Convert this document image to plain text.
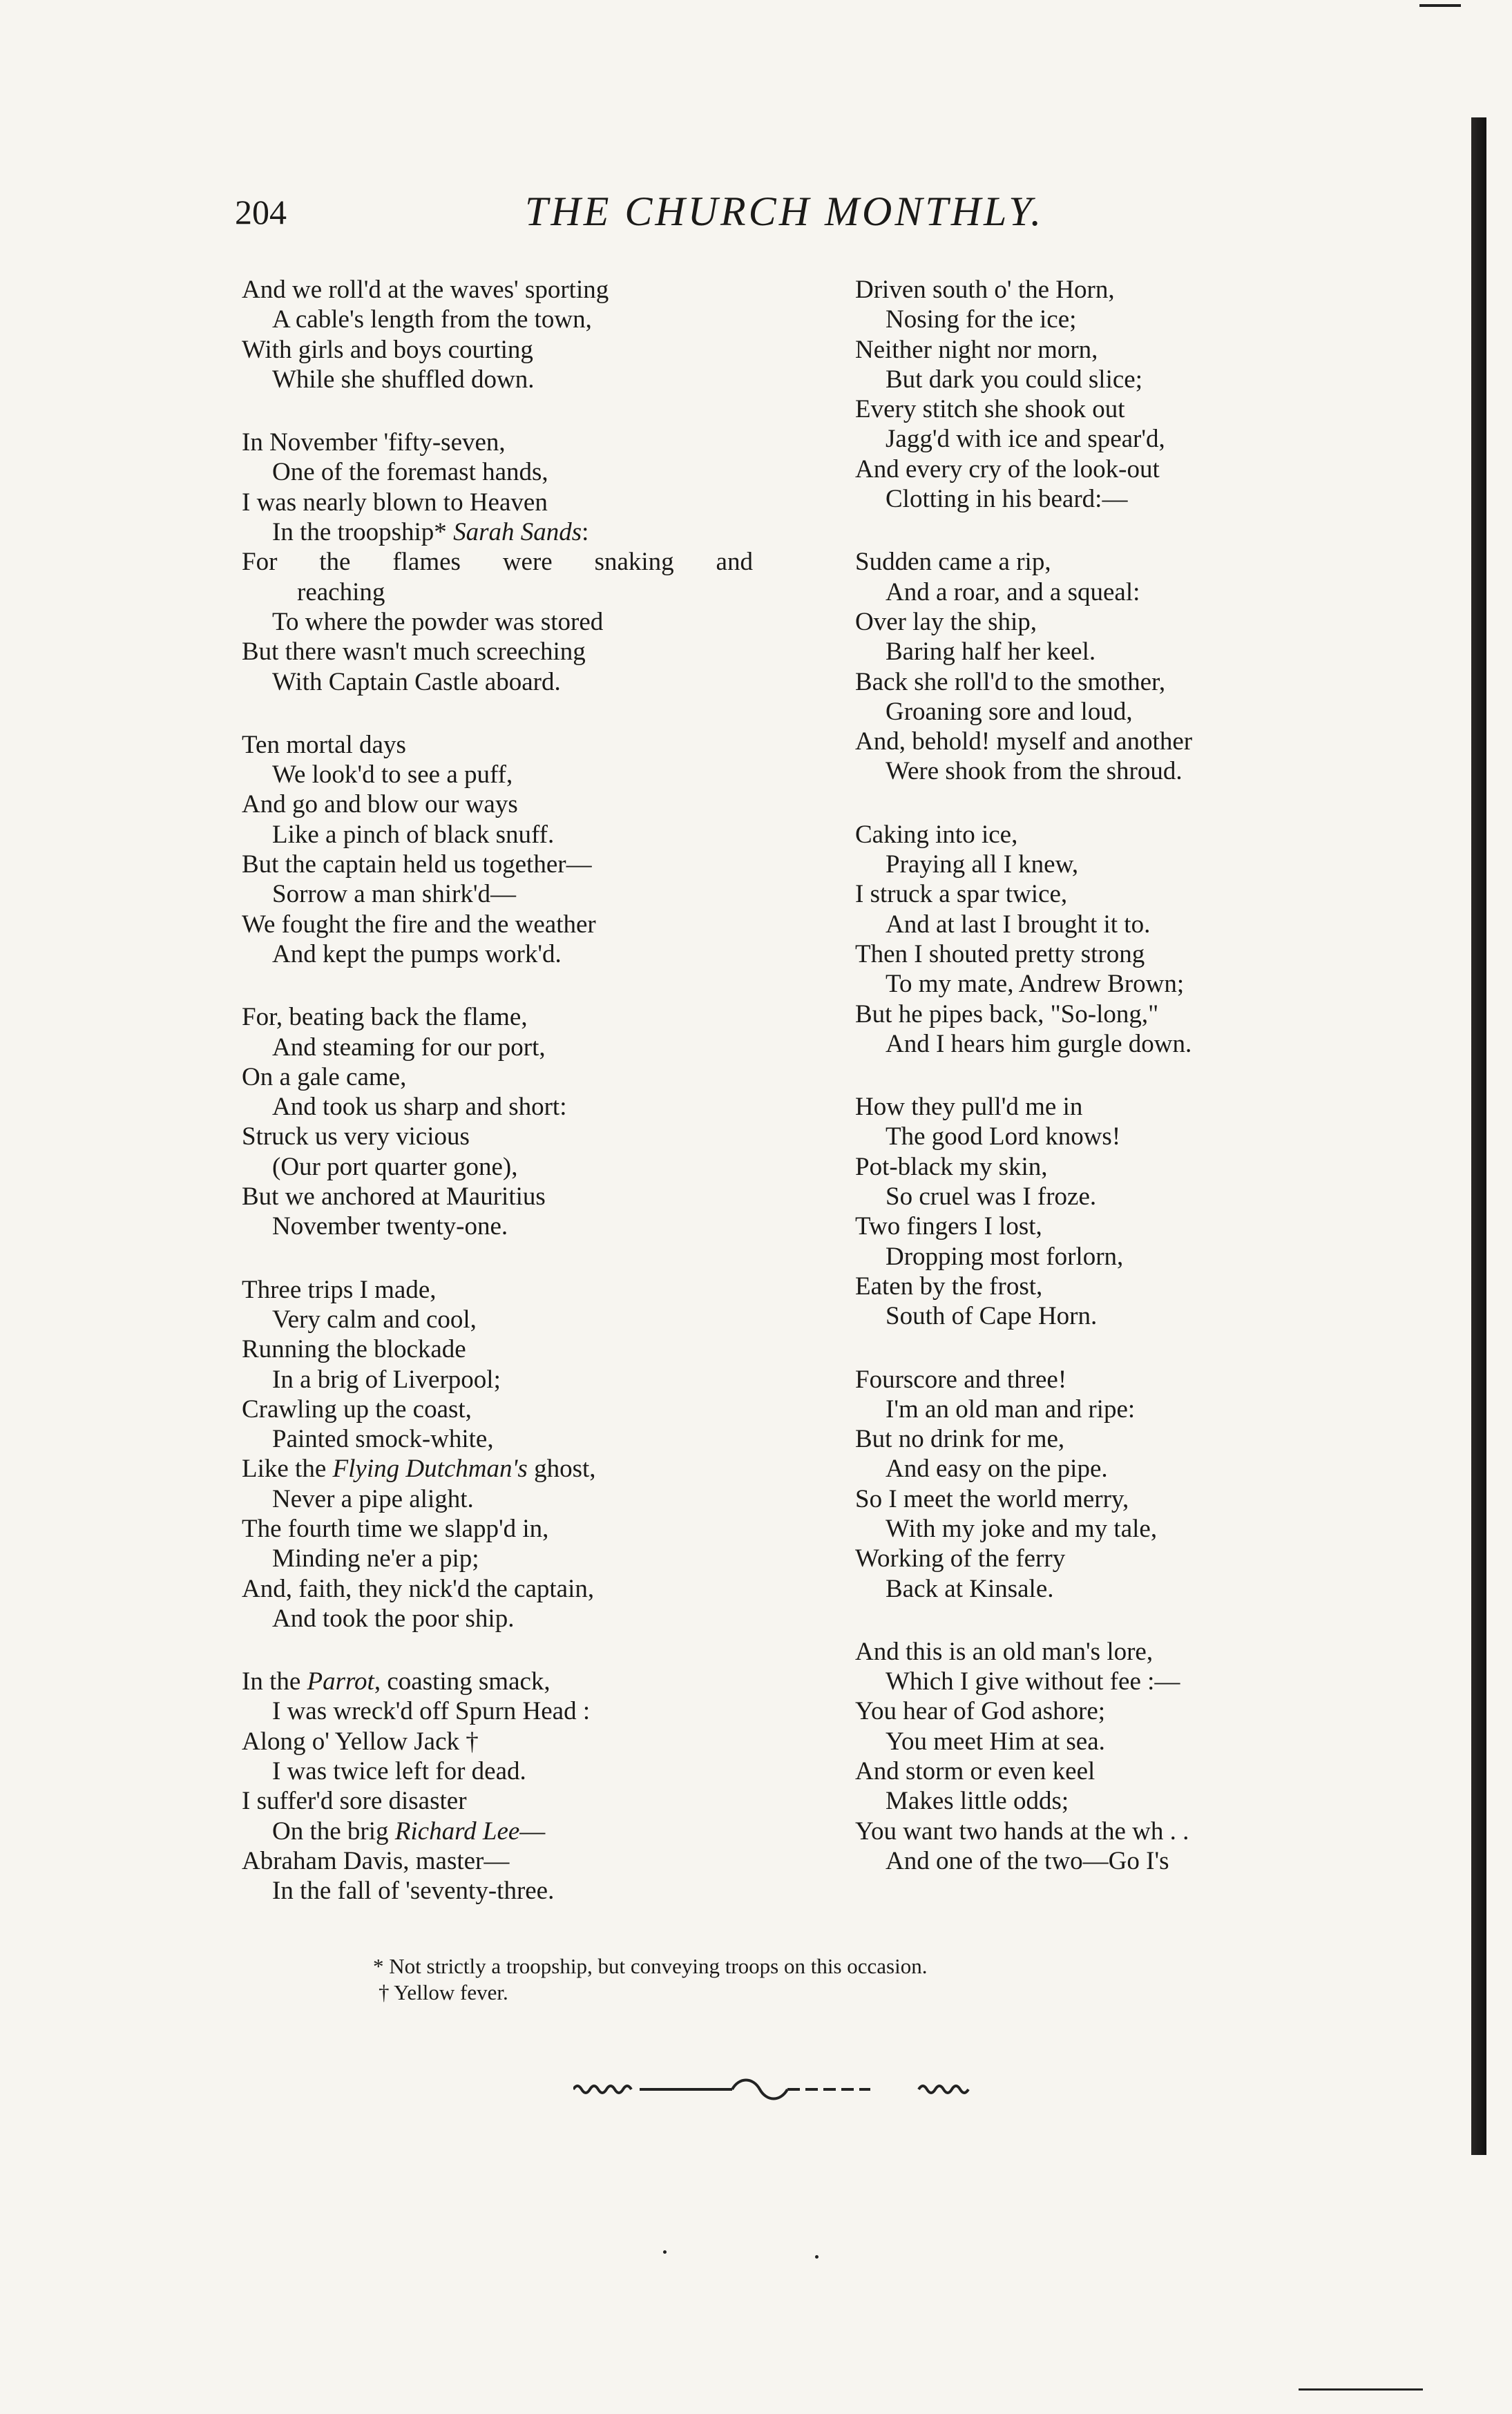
204	THE CHURCH MONTHLY.
And we roll'd at the waves' sporting
A cable's length from the town,
With girls and boys courting
While she shuffled down.
In November 'fifty-seven,
One of the foremast hands,
I was nearly blown to Heaven
In the troopship* Sarah Sands:
For the flames were snaking and
reaching
To where the powder was stored
But there wasn't much screeching
With Captain Castle aboard.
Ten mortal days
We look'd to see a puff,
And go and blow our ways
Like a pinch of black snuff.
But the captain held us together—
Sorrow a man shirk'd—
We fought the fire and the weather
And kept the pumps work'd.
For, beating back the flame,
And steaming for our port,
On a gale came,
And took us sharp and short:
Struck us very vicious
(Our port quarter gone),
But we anchored at Mauritius
November twenty-one.
Three trips I made,
Very calm and cool,
Running the blockade
In a brig of Liverpool;
Crawling up the coast,
Painted smock-white,
Like the Flying Dutchman's ghost,
Never a pipe alight.
The fourth time we slapp'd in,
Minding ne'er a pip;
And, faith, they nick'd the captain,
And took the poor ship.
In the Parrot, coasting smack,
I was wreck'd off Spurn Head :
Along o' Yellow Jack †
I was twice left for dead.
I suffer'd sore disaster
On the brig Richard Lee—
Abraham Davis, master—
In the fall of 'seventy-three.
Driven south o' the Horn,
Nosing for the ice;
Neither night nor morn,
But dark you could slice;
Every stitch she shook out
Jagg'd with ice and spear'd,
And every cry of the look-out
Clotting in his beard:—
Sudden came a rip,
And a roar, and a squeal:
Over lay the ship,
Baring half her keel.
Back she roll'd to the smother,
Groaning sore and loud,
And, behold! myself and another
Were shook from the shroud.
Caking into ice,
Praying all I knew,
I struck a spar twice,
And at last I brought it to.
Then I shouted pretty strong
To my mate, Andrew Brown;
But he pipes back, "So-long,"
And I hears him gurgle down.
How they pull'd me in
The good Lord knows!
Pot-black my skin,
So cruel was I froze.
Two fingers I lost,
Dropping most forlorn,
Eaten by the frost,
South of Cape Horn.
Fourscore and three!
I'm an old man and ripe:
But no drink for me,
And easy on the pipe.
So I meet the world merry,
With my joke and my tale,
Working of the ferry
Back at Kinsale.
And this is an old man's lore,
Which I give without fee :—
You hear of God ashore;
You meet Him at sea.
And storm or even keel
Makes little odds;
You want two hands at the wh . .
And one of the two—Go I's
* Not strictly a troopship, but conveying troops on this occasion.
† Yellow fever.
